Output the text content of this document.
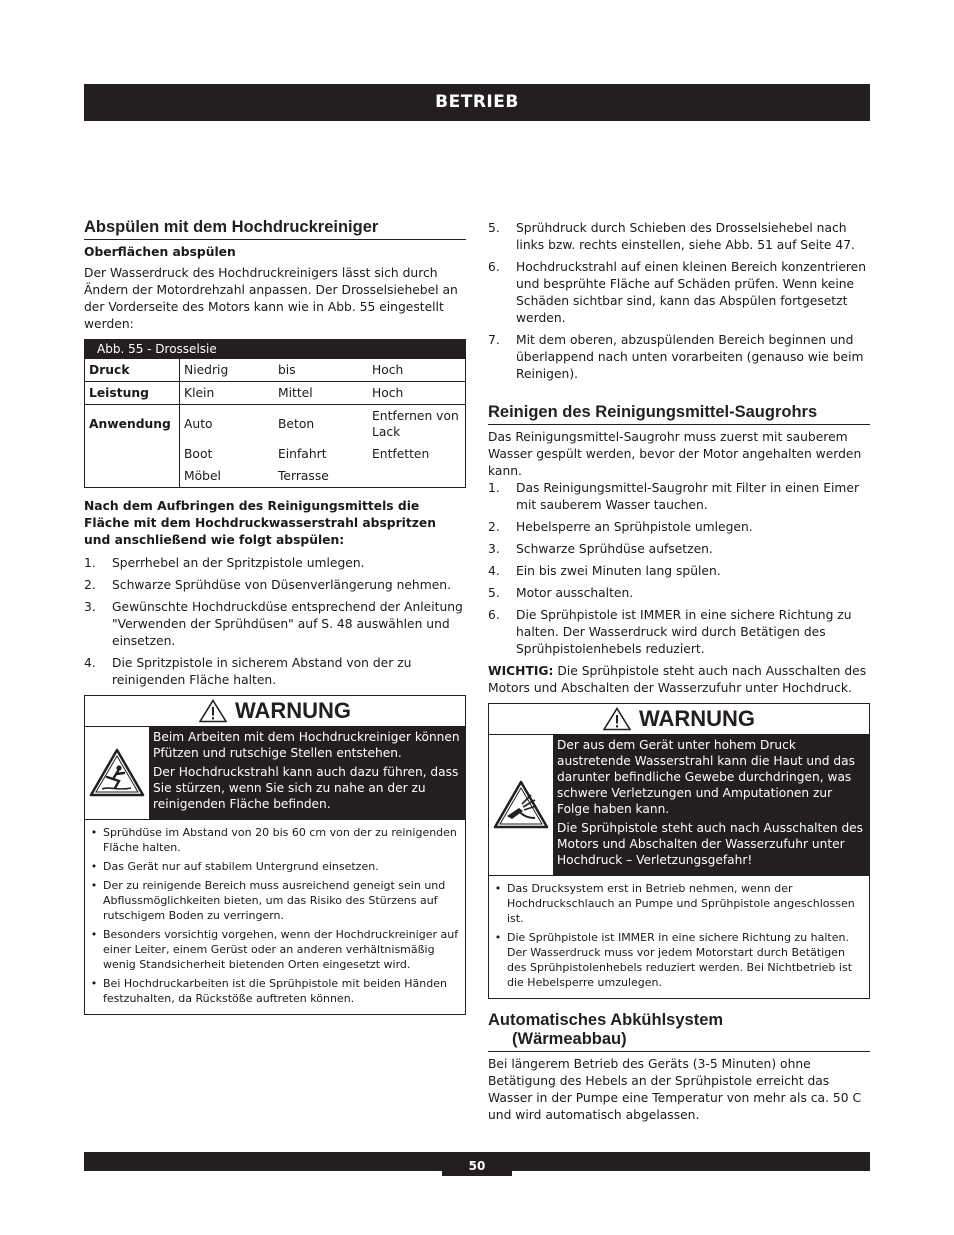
BETRIEB
Abspülen mit dem Hochdruckreiniger

Oberflächen abspülen

Der Wasserdruck des Hochdruckreinigers lässt sich durch Ändern der Motordrehzahl anpassen. Der Drosselsiehebel an der Vorderseite des Motors kann wie in Abb. 55 eingestellt werden:

Abb. 55 - Drosselsie
Druck	Niedrig	bis	Hoch
Leistung	Klein	Mittel	Hoch
Anwendung	Auto	Beton	Entfernen von Lack
	Boot	Einfahrt	Entfetten
	Möbel	Terrasse	

Nach dem Aufbringen des Reinigungsmittels die Fläche mit dem Hochdruckwasserstrahl abspritzen und anschließend wie folgt abspülen:

1.	Sperrhebel an der Spritzpistole umlegen.
2.	Schwarze Sprühdüse von Düsenverlängerung nehmen.
3.	Gewünschte Hochdruckdüse entsprechend der Anleitung "Verwenden der Sprühdüsen" auf S. 48 auswählen und einsetzen.
4.	Die Spritzpistole in sicherem Abstand von der zu reinigenden Fläche halten.
WARNUNG

Beim Arbeiten mit dem Hochdruckreiniger können Pfützen und rutschige Stellen entstehen.

Der Hochdruckstrahl kann auch dazu führen, dass Sie stürzen, wenn Sie sich zu nahe an der zu reinigenden Fläche befinden.

• Sprühdüse im Abstand von 20 bis 60 cm von der zu reinigenden Fläche halten.
• Das Gerät nur auf stabilem Untergrund einsetzen.
• Der zu reinigende Bereich muss ausreichend geneigt sein und Abflussmöglichkeiten bieten, um das Risiko des Stürzens auf rutschigem Boden zu verringern.
• Besonders vorsichtig vorgehen, wenn der Hochdruckreiniger auf einer Leiter, einem Gerüst oder an anderen verhältnismäßig wenig Standsicherheit bietenden Orten eingesetzt wird.
• Bei Hochdruckarbeiten ist die Sprühpistole mit beiden Händen festzuhalten, da Rückstöße auftreten können.
5.	Sprühdruck durch Schieben des Drosselsiehebel nach links bzw. rechts einstellen, siehe Abb. 51 auf Seite 47.
6.	Hochdruckstrahl auf einen kleinen Bereich konzentrieren und besprühte Fläche auf Schäden prüfen. Wenn keine Schäden sichtbar sind, kann das Abspülen fortgesetzt werden.
7.	Mit dem oberen, abzuspülenden Bereich beginnen und überlappend nach unten vorarbeiten (genauso wie beim Reinigen).
Reinigen des Reinigungsmittel-Saugrohrs

Das Reinigungsmittel-Saugrohr muss zuerst mit sauberem Wasser gespült werden, bevor der Motor angehalten werden kann.

1.	Das Reinigungsmittel-Saugrohr mit Filter in einen Eimer mit sauberem Wasser tauchen.
2.	Hebelsperre an Sprühpistole umlegen.
3.	Schwarze Sprühdüse aufsetzen.
4.	Ein bis zwei Minuten lang spülen.
5.	Motor ausschalten.
6.	Die Sprühpistole ist IMMER in eine sichere Richtung zu halten. Der Wasserdruck wird durch Betätigen des Sprühpistolenhebels reduziert.

WICHTIG: Die Sprühpistole steht auch nach Ausschalten des Motors und Abschalten der Wasserzufuhr unter Hochdruck.

WARNUNG

Der aus dem Gerät unter hohem Druck austretende Wasserstrahl kann die Haut und das darunter befindliche Gewebe durchdringen, was schwere Verletzungen und Amputationen zur Folge haben kann.

Die Sprühpistole steht auch nach Ausschalten des Motors und Abschalten der Wasserzufuhr unter Hochdruck – Verletzungsgefahr!

• Das Drucksystem erst in Betrieb nehmen, wenn der Hochdruckschlauch an Pumpe und Sprühpistole angeschlossen ist.
• Die Sprühpistole ist IMMER in eine sichere Richtung zu halten. Der Wasserdruck muss vor jedem Motorstart durch Betätigen des Sprühpistolenhebels reduziert werden. Bei Nichtbetrieb ist die Hebelsperre umzulegen.
Automatisches Abkühlsystem
(Wärmeabbau)

Bei längerem Betrieb des Geräts (3-5 Minuten) ohne Betätigung des Hebels an der Sprühpistole erreicht das Wasser in der Pumpe eine Temperatur von mehr als ca. 50 C und wird automatisch abgelassen.

50
